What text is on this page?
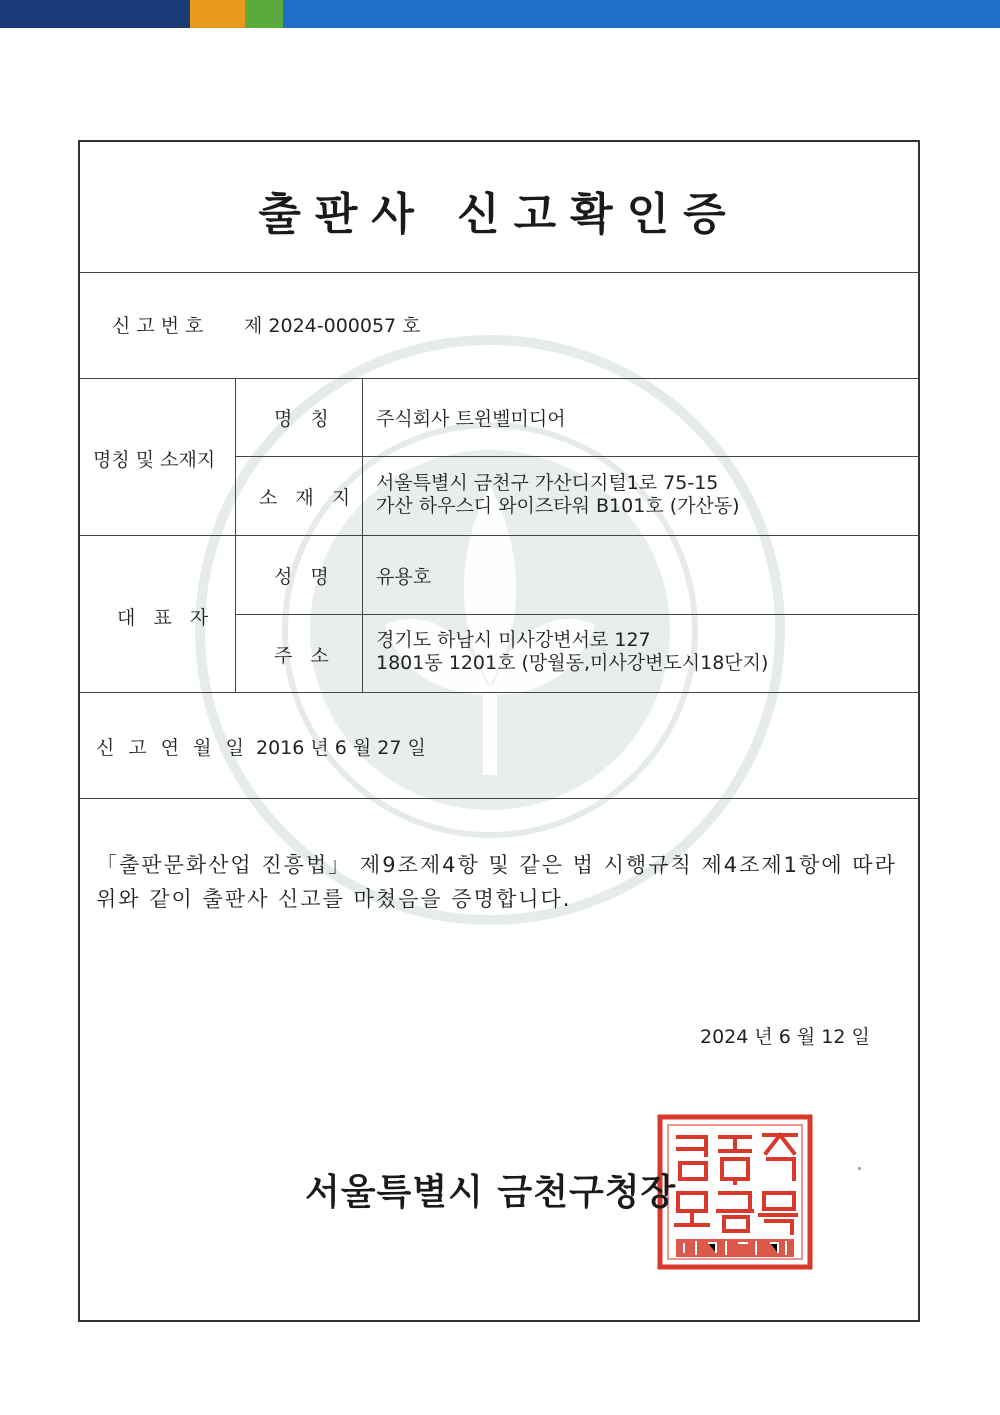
출판사 신고확인증
신고번호 제 2024-000057 호
명칭 및 소재지
명 칭 주식회사 트윈벨미디어
소 재 지
서울특별시 금천구 가산디지털1로 75-15
가산 하우스디 와이즈타워 B101호 (가산동)
대 표 자
성 명 유용호
주 소
경기도 하남시 미사강변서로 127
1801동 1201호 (망월동,미사강변도시18단지)
신 고 연 월 일 2016 년 6 월 27 일
「출판문화산업 진흥법」 제9조제4항 및 같은 법 시행규칙 제4조제1항에 따라 위와 같이 출판사 신고를 마쳤음을 증명합니다.
2024 년 6 월 12 일
서울특별시 금천구청장
